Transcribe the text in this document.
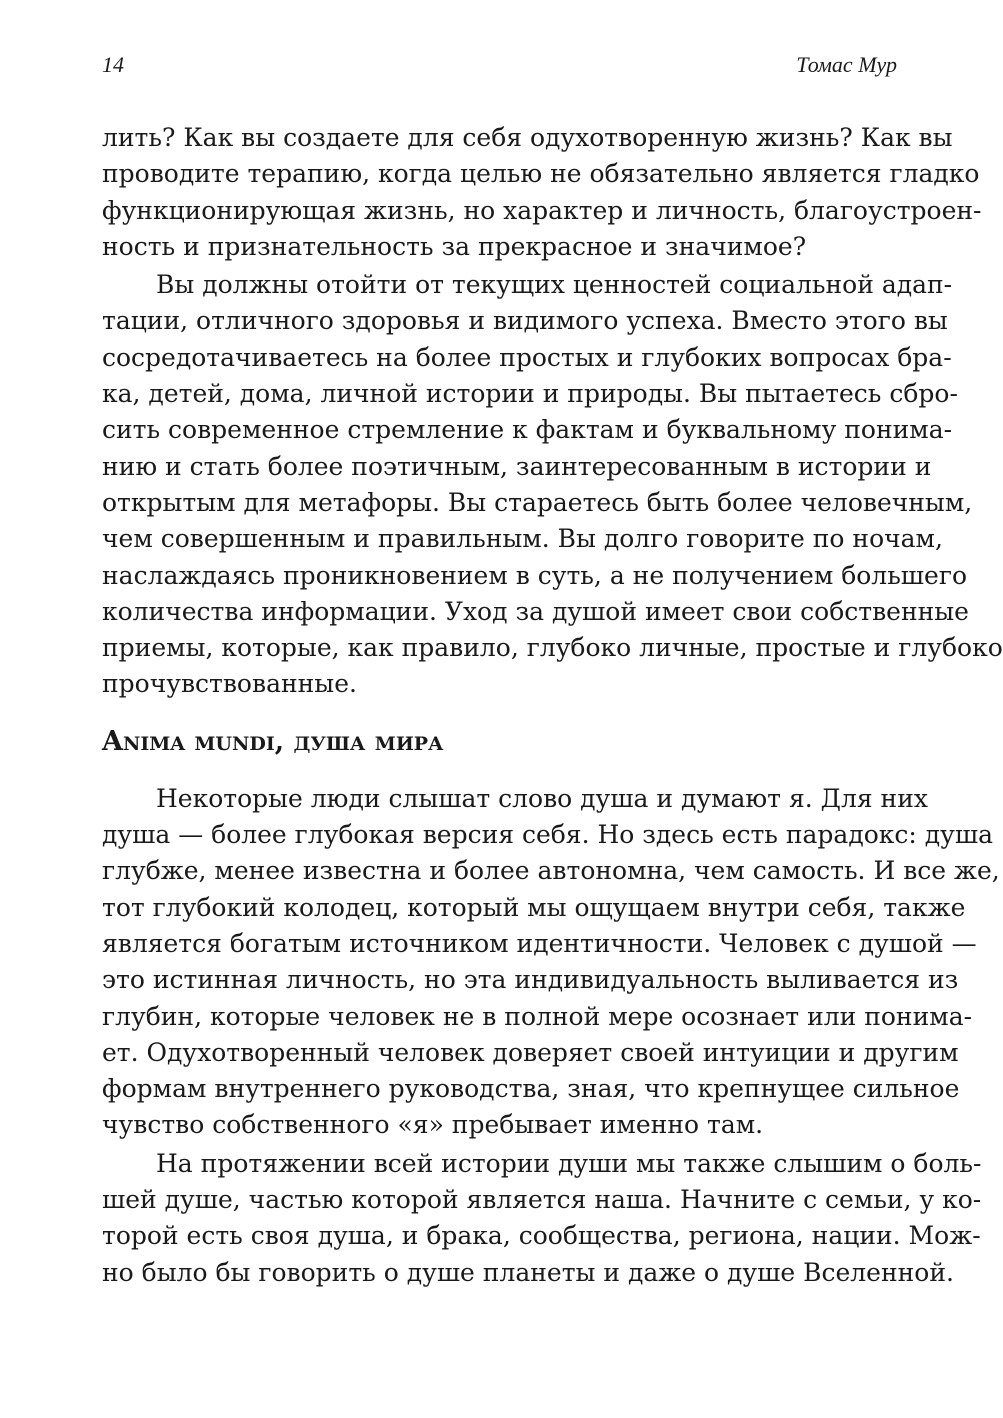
14	Томас Мур
лить? Как вы создаете для себя одухотворенную жизнь? Как вы
проводите терапию, когда целью не обязательно является гладко
функционирующая жизнь, но характер и личность, благоустроен-
ность и признательность за прекрасное и значимое?
Вы должны отойти от текущих ценностей социальной адап-
тации, отличного здоровья и видимого успеха. Вместо этого вы
сосредотачиваетесь на более простых и глубоких вопросах бра-
ка, детей, дома, личной истории и природы. Вы пытаетесь сбро-
сить современное стремление к фактам и буквальному понима-
нию и стать более поэтичным, заинтересованным в истории и
открытым для метафоры. Вы стараетесь быть более человечным,
чем совершенным и правильным. Вы долго говорите по ночам,
наслаждаясь проникновением в суть, а не получением большего
количества информации. Уход за душой имеет свои собственные
приемы, которые, как правило, глубоко личные, простые и глубоко
прочувствованные.
Anima mundi, душа мира
Некоторые люди слышат слово душа и думают я. Для них
душа — более глубокая версия себя. Но здесь есть парадокс: душа
глубже, менее известна и более автономна, чем самость. И все же,
тот глубокий колодец, который мы ощущаем внутри себя, также
является богатым источником идентичности. Человек с душой —
это истинная личность, но эта индивидуальность выливается из
глубин, которые человек не в полной мере осознает или понима-
ет. Одухотворенный человек доверяет своей интуиции и другим
формам внутреннего руководства, зная, что крепнущее сильное
чувство собственного «я» пребывает именно там.
На протяжении всей истории души мы также слышим о боль-
шей душе, частью которой является наша. Начните с семьи, у ко-
торой есть своя душа, и брака, сообщества, региона, нации. Мож-
но было бы говорить о душе планеты и даже о душе Вселенной.
